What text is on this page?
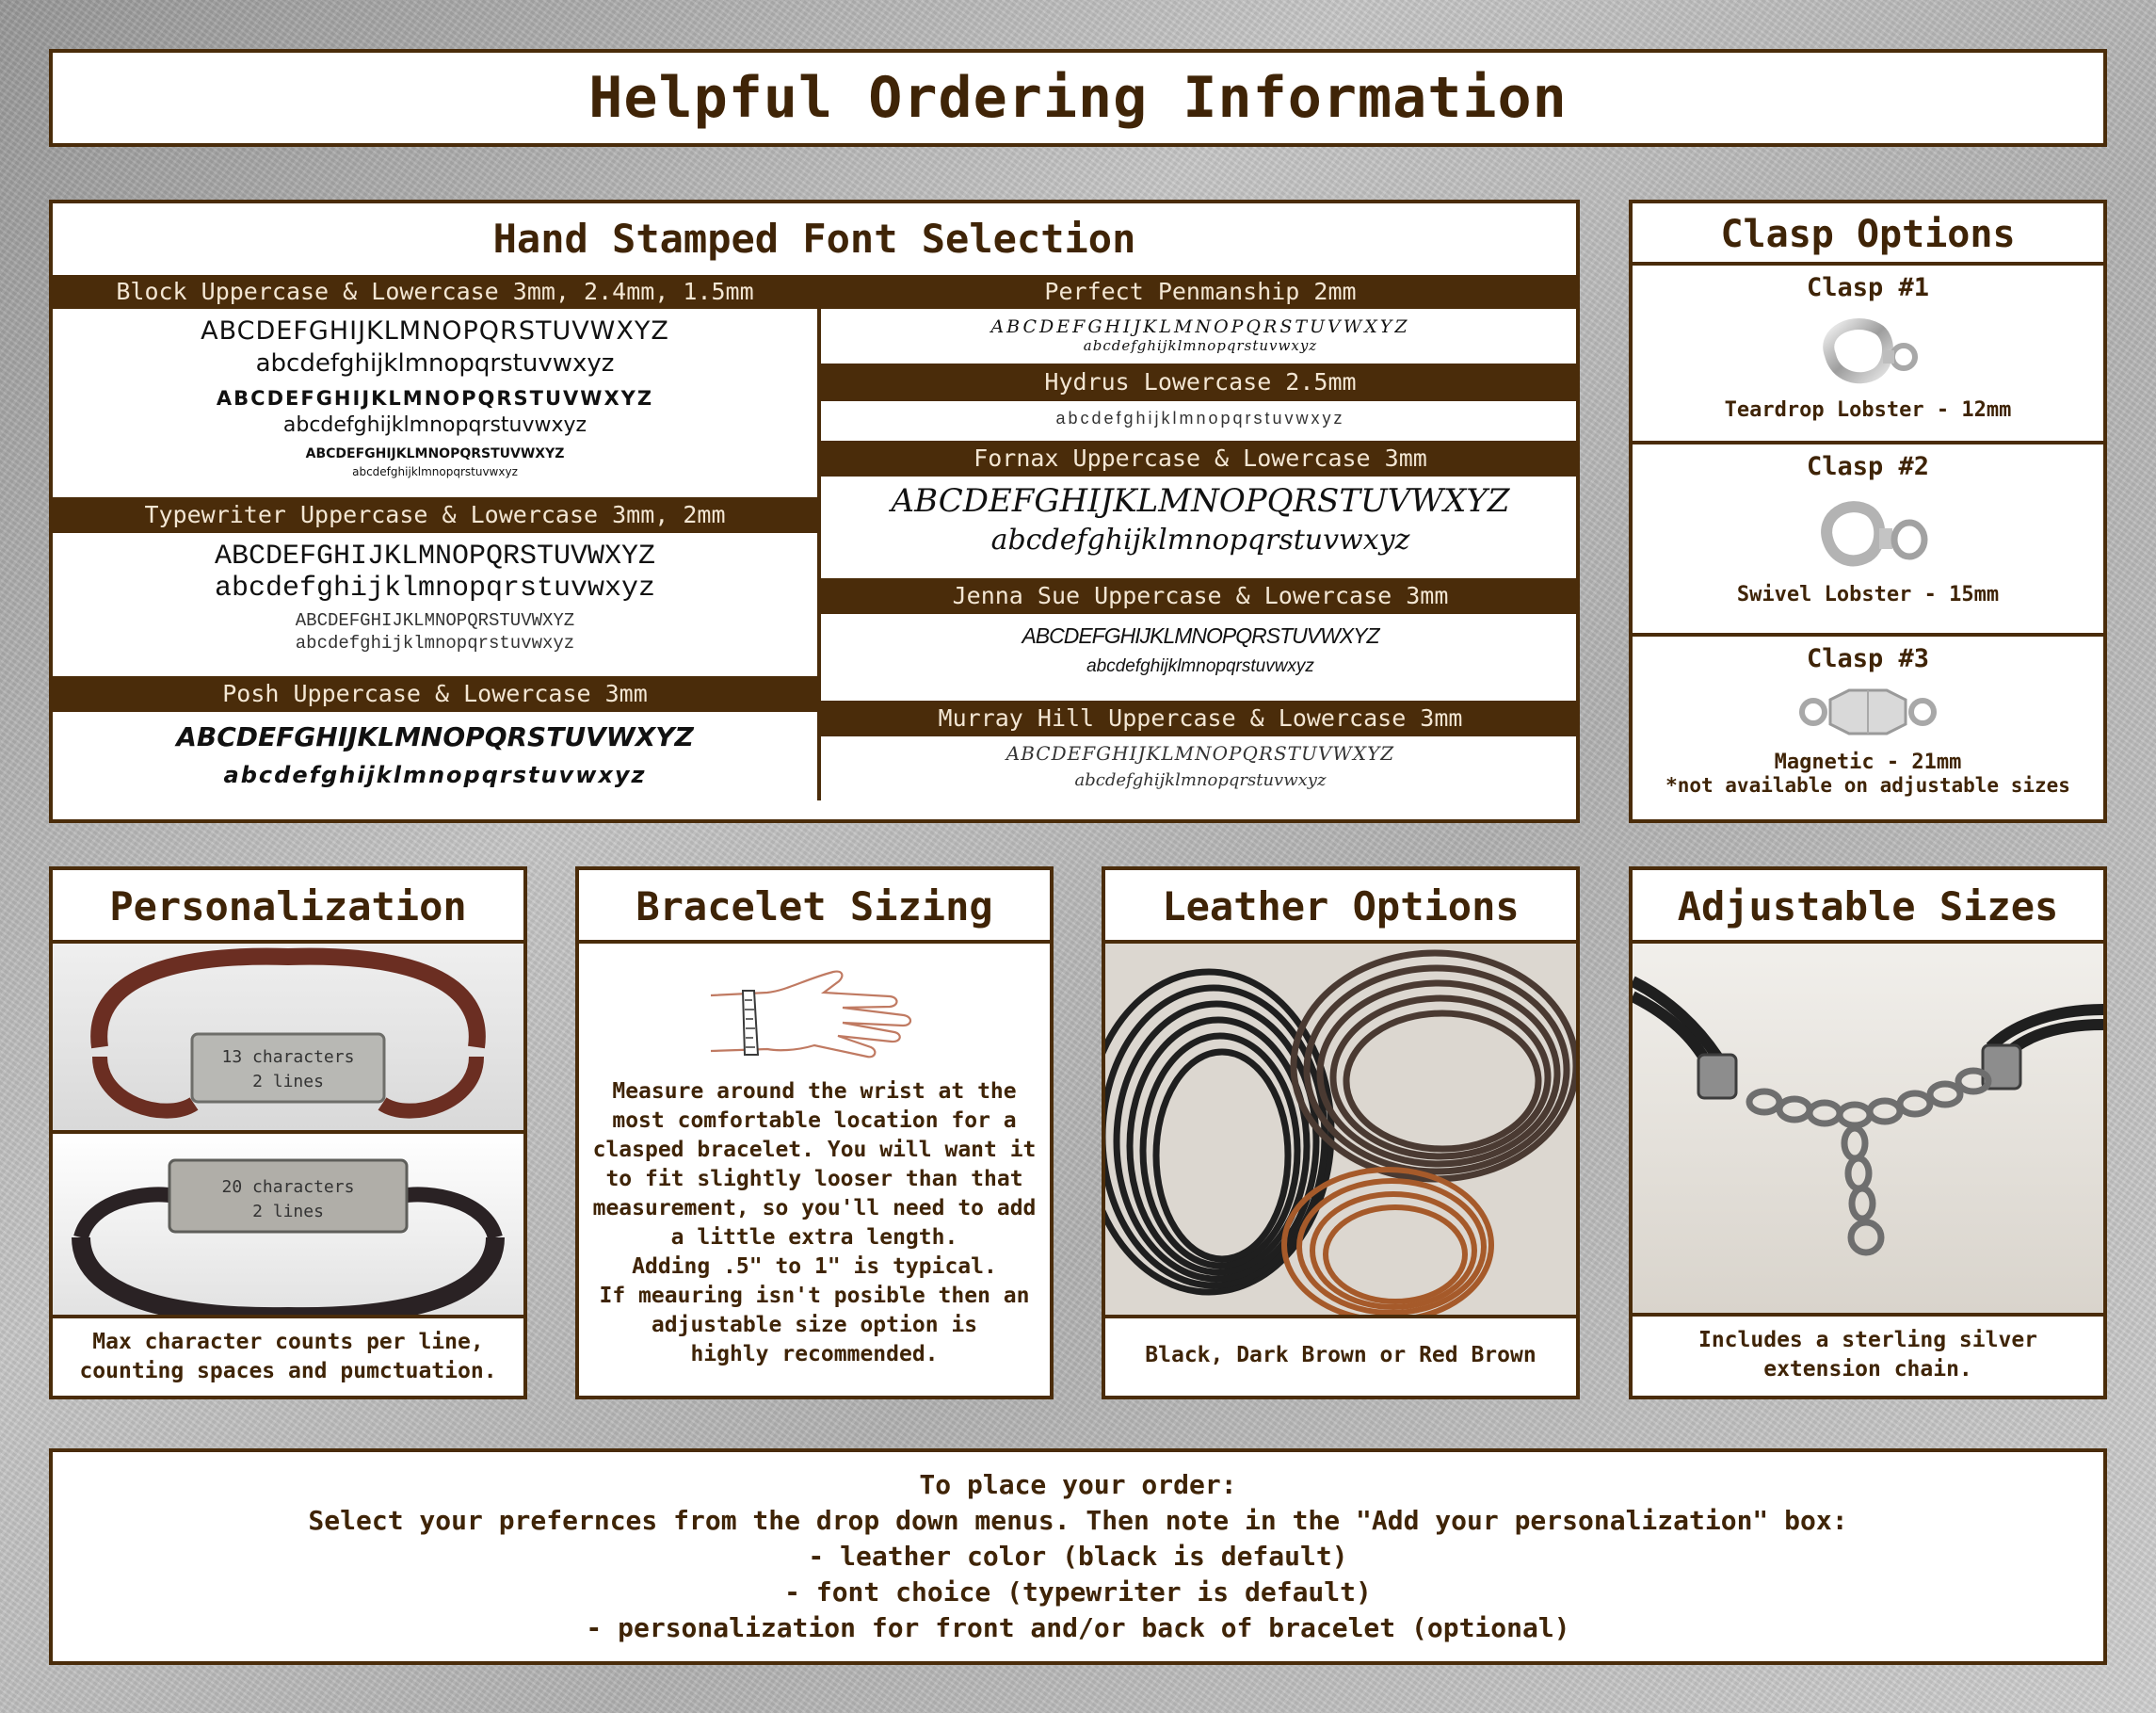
Helpful Ordering Information
Hand Stamped Font Selection
Block Uppercase & Lowercase 3mm, 2.4mm, 1.5mm
ABCDEFGHIJKLMNOPQRSTUVWXYZ
abcdefghijklmnopqrstuvwxyz
ABCDEFGHIJKLMNOPQRSTUVWXYZ
abcdefghijklmnopqrstuvwxyz
ABCDEFGHIJKLMNOPQRSTUVWXYZ
abcdefghijklmnopqrstuvwxyz
Typewriter Uppercase & Lowercase 3mm, 2mm
ABCDEFGHIJKLMNOPQRSTUVWXYZ
abcdefghijklmnopqrstuvwxyz
ABCDEFGHIJKLMNOPQRSTUVWXYZ
abcdefghijklmnopqrstuvwxyz
Posh Uppercase & Lowercase 3mm
ABCDEFGHIJKLMNOPQRSTUVWXYZ
abcdefghijklmnopqrstuvwxyz
Perfect Penmanship 2mm
ABCDEFGHIJKLMNOPQRSTUVWXYZ
abcdefghijklmnopqrstuvwxyz
Hydrus Lowercase 2.5mm
abcdefghijklmnopqrstuvwxyz
Fornax Uppercase & Lowercase 3mm
ABCDEFGHIJKLMNOPQRSTUVWXYZ
abcdefghijklmnopqrstuvwxyz
Jenna Sue Uppercase & Lowercase 3mm
ABCDEFGHIJKLMNOPQRSTUVWXYZ
abcdefghijklmnopqrstuvwxyz
Murray Hill Uppercase & Lowercase 3mm
ABCDEFGHIJKLMNOPQRSTUVWXYZ
abcdefghijklmnopqrstuvwxyz
Clasp Options
Clasp #1
Teardrop Lobster - 12mm
Clasp #2
Swivel Lobster - 15mm
Clasp #3
Magnetic - 21mm
*not available on adjustable sizes
Personalization
13 characters
2 lines
20 characters
2 lines
Max character counts per line,
counting spaces and pumctuation.
Bracelet Sizing
Measure around the wrist at the
most comfortable location for a
clasped bracelet. You will want it
to fit slightly looser than that
measurement, so you'll need to add
a little extra length.
Adding .5" to 1" is typical.
If meauring isn't posible then an
adjustable size option is
highly recommended.
Leather Options
Black, Dark Brown or Red Brown
Adjustable Sizes
Includes a sterling silver
extension chain.
To place your order:
Select your prefernces from the drop down menus. Then note in the "Add your personalization" box:
- leather color (black is default)
- font choice (typewriter is default)
- personalization for front and/or back of bracelet (optional)
